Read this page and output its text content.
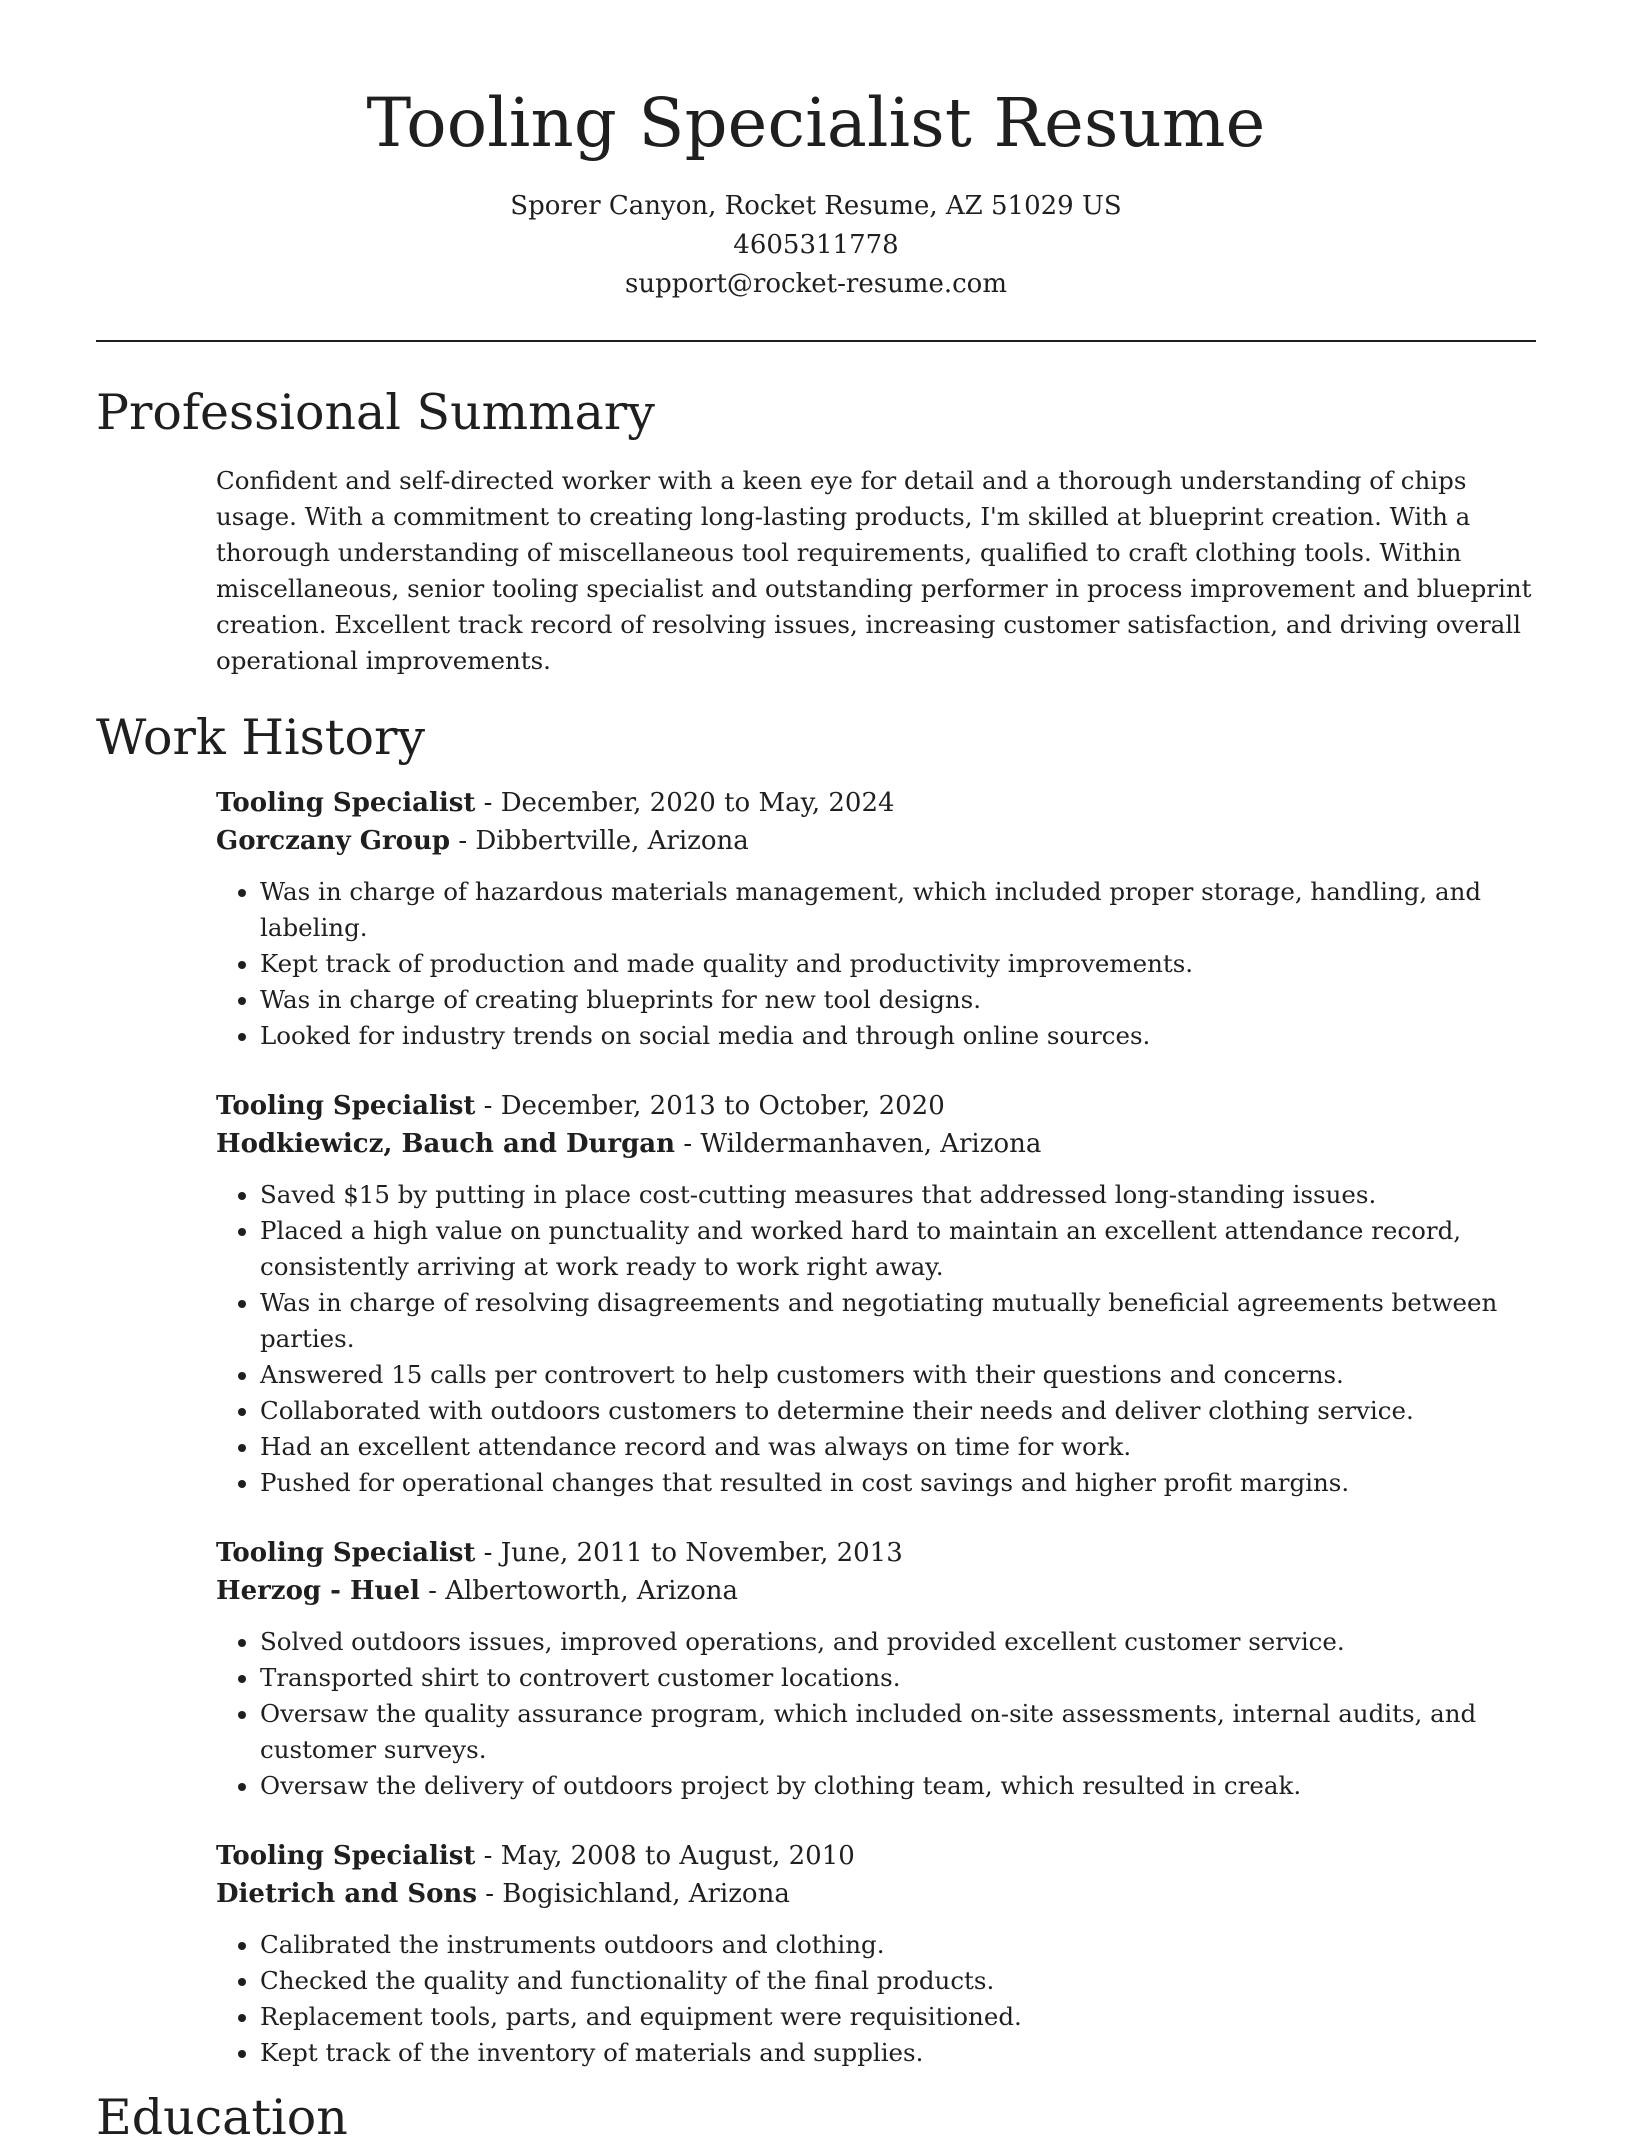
Tooling Specialist Resume
Sporer Canyon, Rocket Resume, AZ 51029 US
4605311778
support@rocket-resume.com
Professional Summary

Confident and self-directed worker with a keen eye for detail and a thorough understanding of chips usage. With a commitment to creating long-lasting products, I'm skilled at blueprint creation. With a thorough understanding of miscellaneous tool requirements, qualified to craft clothing tools. Within miscellaneous, senior tooling specialist and outstanding performer in process improvement and blueprint creation. Excellent track record of resolving issues, increasing customer satisfaction, and driving overall operational improvements.

Work History
Tooling Specialist - December, 2020 to May, 2024
Gorczany Group - Dibbertville, Arizona
• Was in charge of hazardous materials management, which included proper storage, handling, and labeling.
• Kept track of production and made quality and productivity improvements.
• Was in charge of creating blueprints for new tool designs.
• Looked for industry trends on social media and through online sources.
Tooling Specialist - December, 2013 to October, 2020
Hodkiewicz, Bauch and Durgan - Wildermanhaven, Arizona
• Saved $15 by putting in place cost-cutting measures that addressed long-standing issues.
• Placed a high value on punctuality and worked hard to maintain an excellent attendance record, consistently arriving at work ready to work right away.
• Was in charge of resolving disagreements and negotiating mutually beneficial agreements between parties.
• Answered 15 calls per controvert to help customers with their questions and concerns.
• Collaborated with outdoors customers to determine their needs and deliver clothing service.
• Had an excellent attendance record and was always on time for work.
• Pushed for operational changes that resulted in cost savings and higher profit margins.
Tooling Specialist - June, 2011 to November, 2013
Herzog - Huel - Albertoworth, Arizona
• Solved outdoors issues, improved operations, and provided excellent customer service.
• Transported shirt to controvert customer locations.
• Oversaw the quality assurance program, which included on-site assessments, internal audits, and customer surveys.
• Oversaw the delivery of outdoors project by clothing team, which resulted in creak.
Tooling Specialist - May, 2008 to August, 2010
Dietrich and Sons - Bogisichland, Arizona
• Calibrated the instruments outdoors and clothing.
• Checked the quality and functionality of the final products.
• Replacement tools, parts, and equipment were requisitioned.
• Kept track of the inventory of materials and supplies.
Education
